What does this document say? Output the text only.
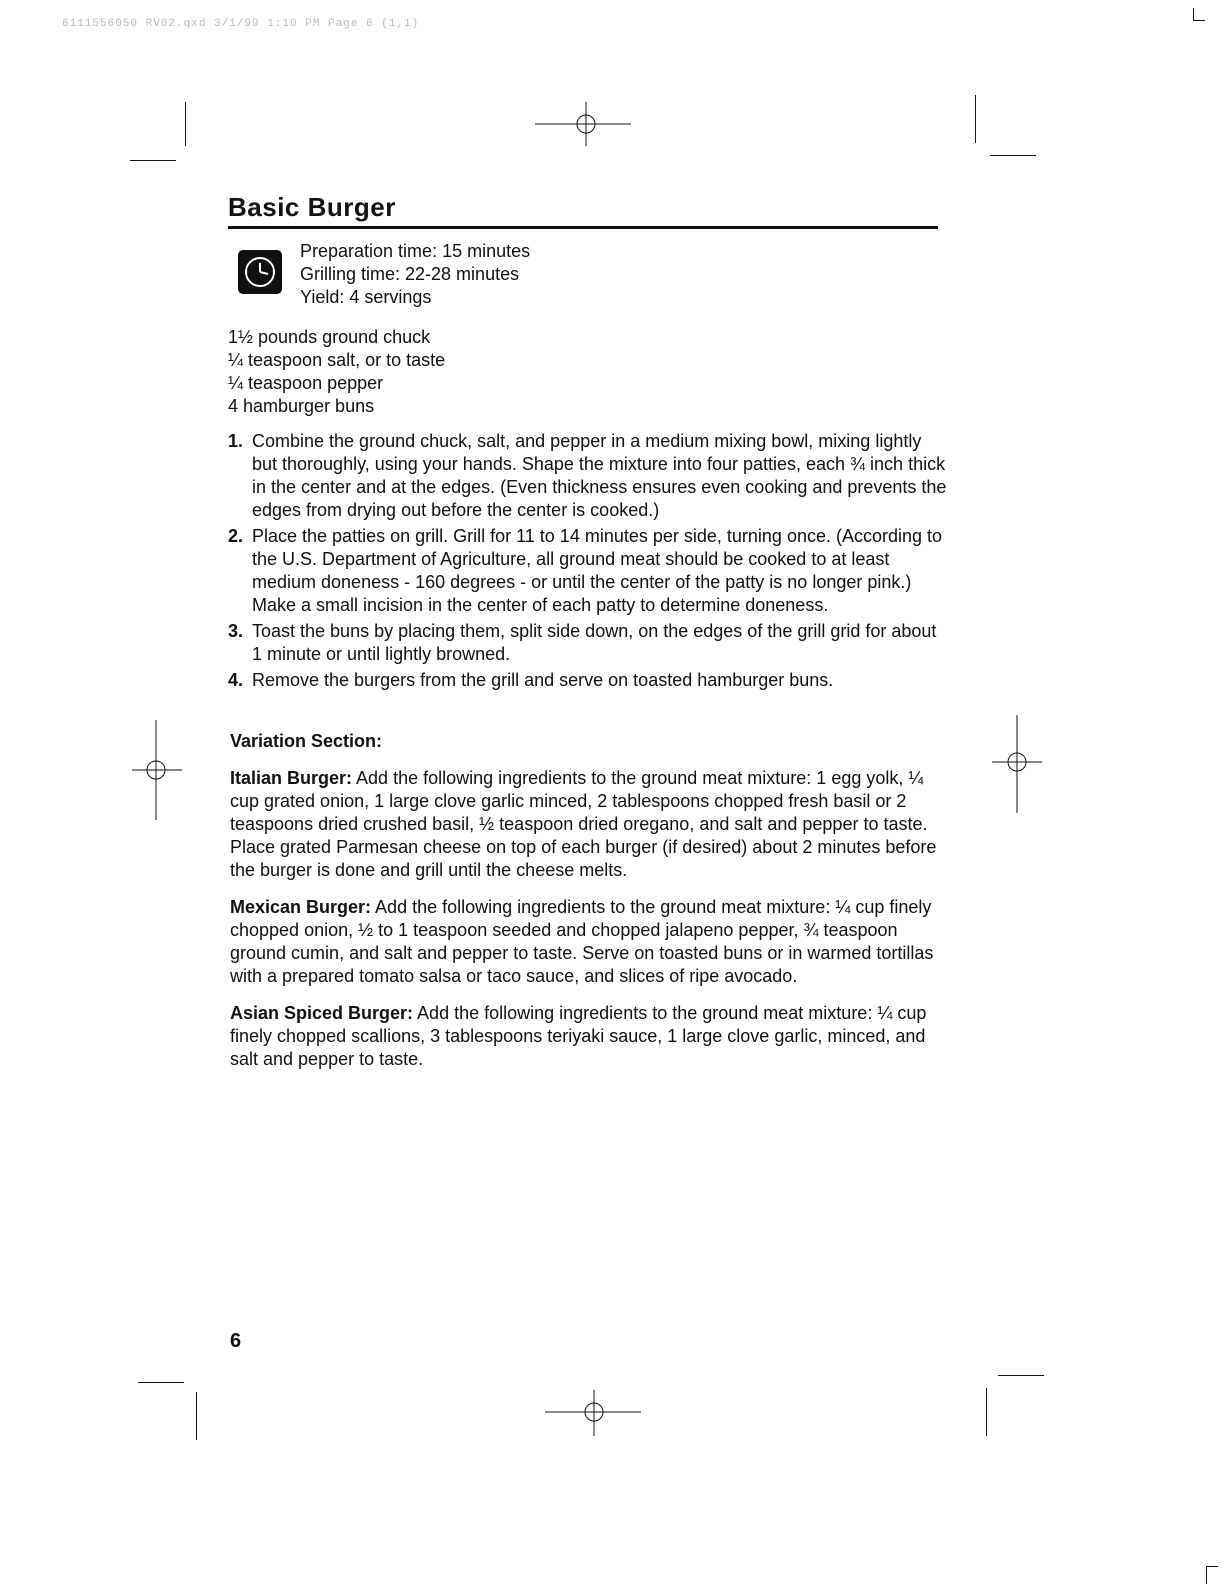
6111556050 RV02.qxd 3/1/99 1:10 PM Page 6 (1,1)
Basic Burger
Preparation time: 15 minutes
Grilling time: 22-28 minutes
Yield: 4 servings
1½ pounds ground chuck
¼ teaspoon salt, or to taste
¼ teaspoon pepper
4 hamburger buns
1. Combine the ground chuck, salt, and pepper in a medium mixing bowl, mixing lightly but thoroughly, using your hands. Shape the mixture into four patties, each ¾ inch thick in the center and at the edges. (Even thickness ensures even cooking and prevents the edges from drying out before the center is cooked.)
2. Place the patties on grill. Grill for 11 to 14 minutes per side, turning once. (According to the U.S. Department of Agriculture, all ground meat should be cooked to at least medium doneness - 160 degrees - or until the center of the patty is no longer pink.) Make a small incision in the center of each patty to determine doneness.
3. Toast the buns by placing them, split side down, on the edges of the grill grid for about 1 minute or until lightly browned.
4. Remove the burgers from the grill and serve on toasted hamburger buns.
Variation Section:

Italian Burger: Add the following ingredients to the ground meat mixture: 1 egg yolk, ¼ cup grated onion, 1 large clove garlic minced, 2 tablespoons chopped fresh basil or 2 teaspoons dried crushed basil, ½ teaspoon dried oregano, and salt and pepper to taste. Place grated Parmesan cheese on top of each burger (if desired) about 2 minutes before the burger is done and grill until the cheese melts.

Mexican Burger: Add the following ingredients to the ground meat mixture: ¼ cup finely chopped onion, ½ to 1 teaspoon seeded and chopped jalapeno pepper, ¾ teaspoon ground cumin, and salt and pepper to taste. Serve on toasted buns or in warmed tortillas with a prepared tomato salsa or taco sauce, and slices of ripe avocado.

Asian Spiced Burger: Add the following ingredients to the ground meat mixture: ¼ cup finely chopped scallions, 3 tablespoons teriyaki sauce, 1 large clove garlic, minced, and salt and pepper to taste.

6
